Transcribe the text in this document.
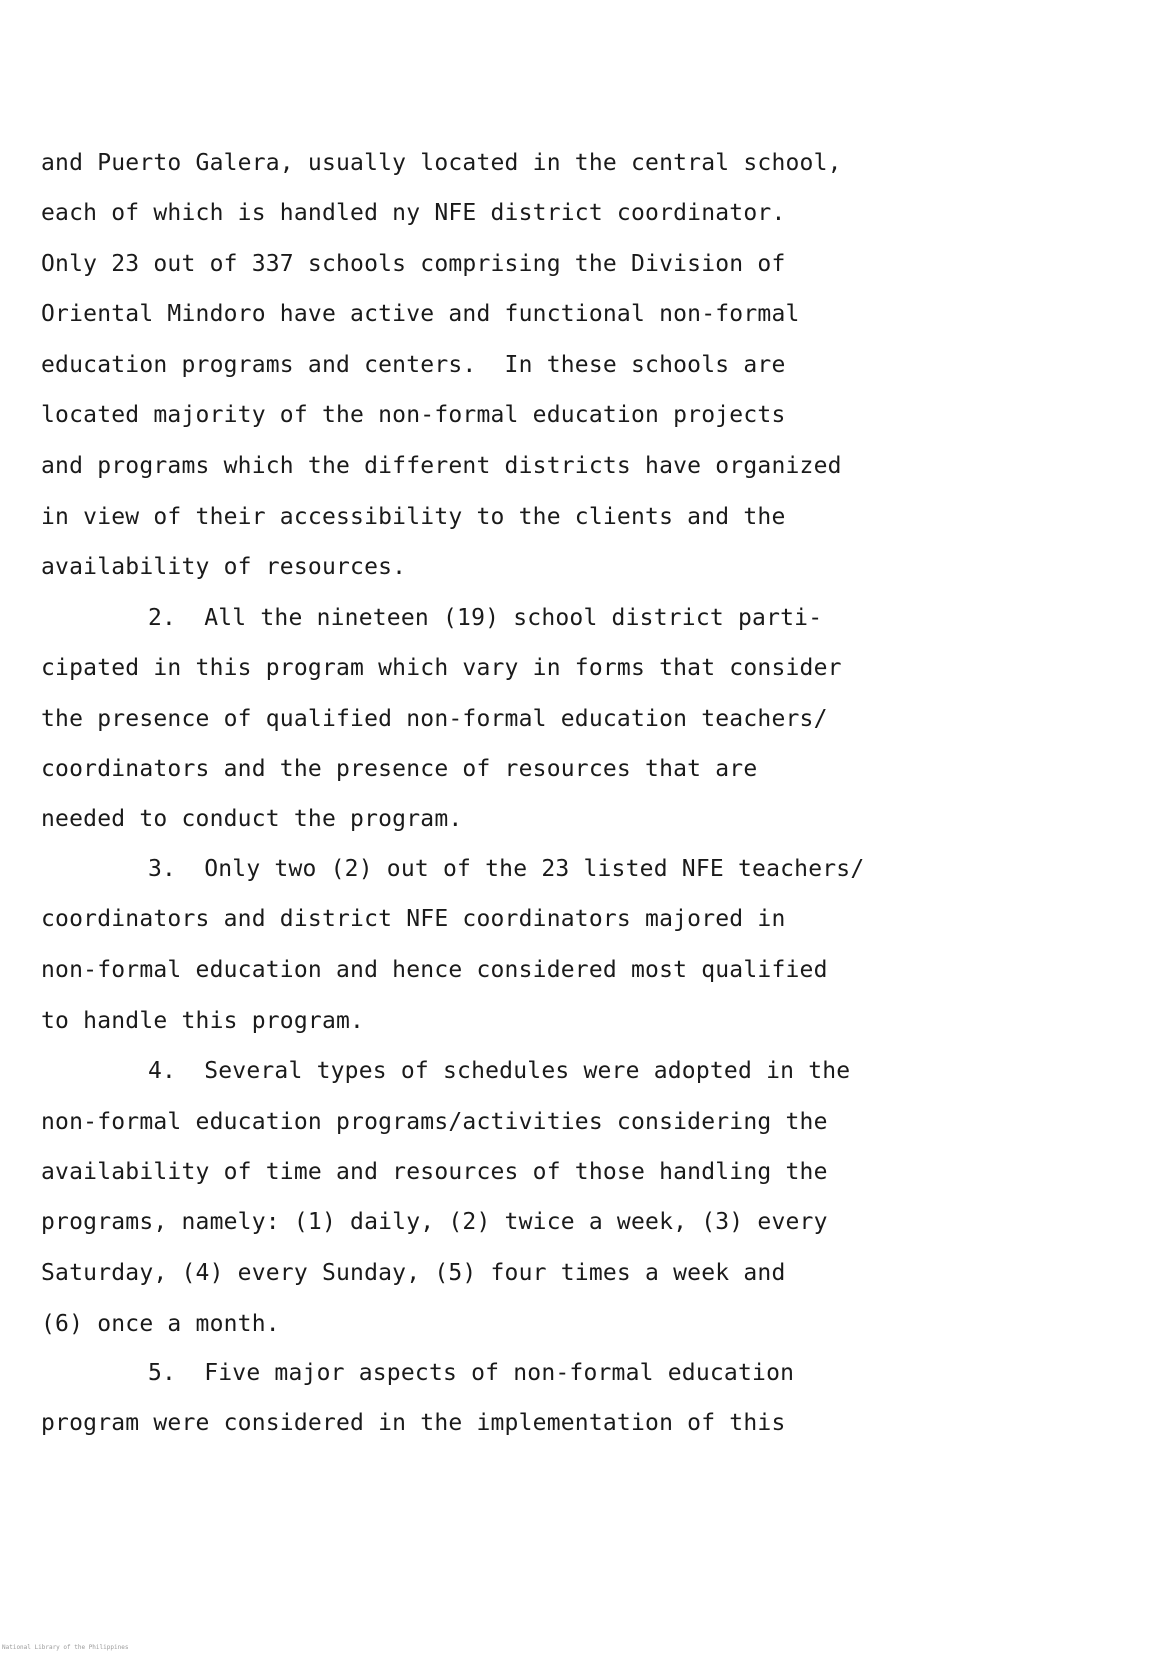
and Puerto Galera, usually located in the central school,
each of which is handled ny NFE district coordinator.
Only 23 out of 337 schools comprising the Division of
Oriental Mindoro have active and functional non-formal
education programs and centers.  In these schools are
located majority of the non-formal education projects
and programs which the different districts have organized
in view of their accessibility to the clients and the
availability of resources.
2.  All the nineteen (19) school district parti-
cipated in this program which vary in forms that consider
the presence of qualified non-formal education teachers/
coordinators and the presence of resources that are
needed to conduct the program.
3.  Only two (2) out of the 23 listed NFE teachers/
coordinators and district NFE coordinators majored in
non-formal education and hence considered most qualified
to handle this program.
4.  Several types of schedules were adopted in the
non-formal education programs/activities considering the
availability of time and resources of those handling the
programs, namely: (1) daily, (2) twice a week, (3) every
Saturday, (4) every Sunday, (5) four times a week and
(6) once a month.
5.  Five major aspects of non-formal education
program were considered in the implementation of this
National Library of the Philippines
